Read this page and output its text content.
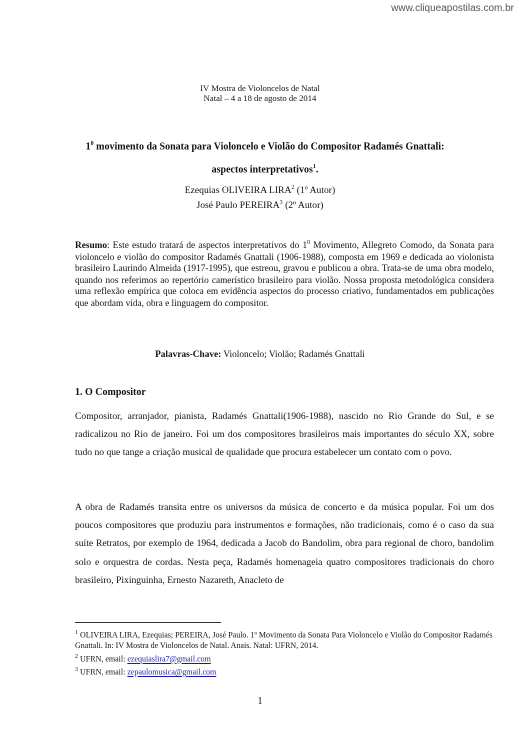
www.cliqueapostilas.com.br
IV Mostra de Violoncelos de Natal
Natal – 4 a 18 de agosto de 2014
$1^0$ movimento da Sonata para Violoncelo e Violão do Compositor Radamés Gnattali:
aspectos interpretativos$^1$.
Ezequias OLIVEIRA LIRA$^2$ (1º Autor)
José Paulo PEREIRA$^3$ (2º Autor)
Resumo: Este estudo tratará de aspectos interpretativos do $1^0$ Movimento, Allegreto Comodo, da Sonata para violoncelo e violão do compositor Radamés Gnattali (1906-1988), composta em 1969 e dedicada ao violonista brasileiro Laurindo Almeida (1917-1995), que estreou, gravou e publicou a obra. Trata-se de uma obra modelo, quando nos referimos ao repertório camerístico brasileiro para violão. Nossa proposta metodológica considera uma reflexão empírica que coloca em evidência aspectos do processo criativo, fundamentados em publicações que abordam vida, obra e linguagem do compositor.
Palavras-Chave: Violoncelo; Violão; Radamés Gnattali
1. O Compositor
Compositor, arranjador, pianista, Radamés Gnattali(1906-1988), nascido no Rio Grande do Sul, e se radicalizou no Rio de janeiro. Foi um dos compositores brasileiros mais importantes do século XX, sobre tudo no que tange a criação musical de qualidade que procura estabelecer um contato com o povo.
A obra de Radamés transita entre os universos da música de concerto e da música popular. Foi um dos poucos compositores que produziu para instrumentos e formações, não tradicionais, como é o caso da sua suíte Retratos, por exemplo de 1964, dedicada a Jacob do Bandolim, obra para regional de choro, bandolim solo e orquestra de cordas. Nesta peça, Radamés homenageia quatro compositores tradicionais do choro brasileiro, Pixinguinha, Ernesto Nazareth, Anacleto de
$^1$ OLIVEIRA LIRA, Ezequias; PEREIRA, José Paulo. 1º Movimento da Sonata Para Violoncelo e Violão do Compositor Radamés Gnattali. In: IV Mostra de Violoncelos de Natal. Anais. Natal: UFRN, 2014.
$^2$ UFRN, email: ezequiaslira7@gmail.com
$^3$ UFRN, email: zepaulomusica@gmail.com
1
